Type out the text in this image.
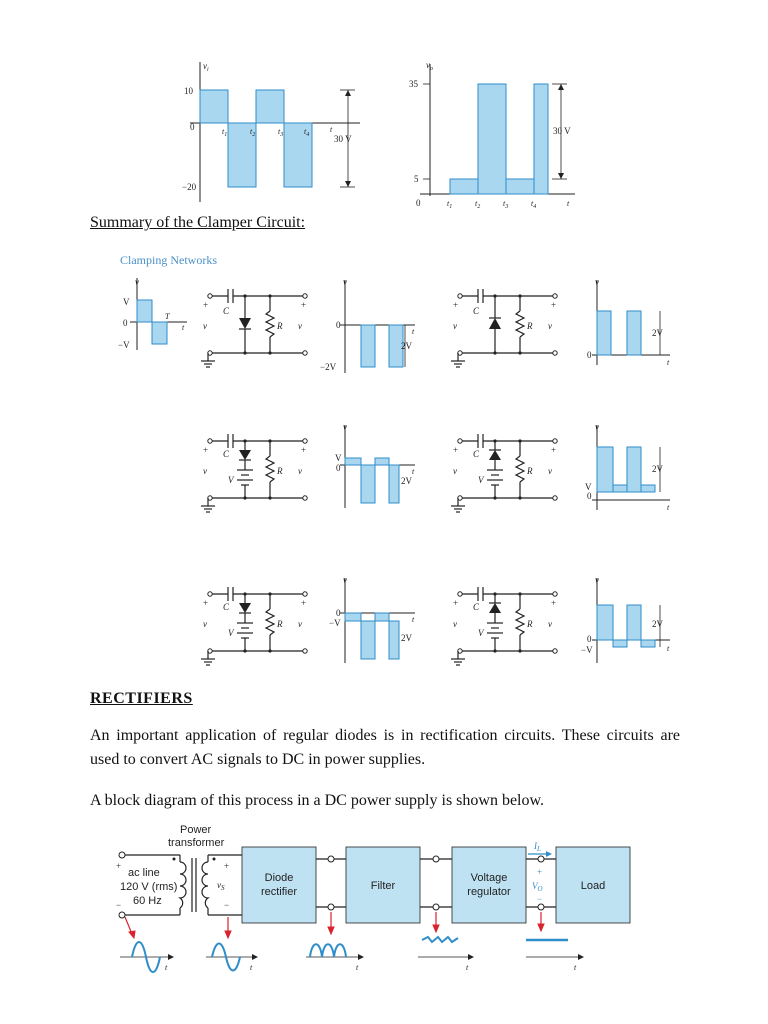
$v_i$
10
0
−20
$t_1$	$t_2$	$t_3$	$t_4$
t
30 V
$v_o$
35
5
0	$t_1$	$t_2$	$t_3$	$t_4$	t
30 V
Summary of the Clamper Circuit:
Clamping Networks
v
V
0
−V
T
t
+	+
C
R
v	v
v
0
−2V
t
2V
+	+
C
R
v	v
v
0
t
2V
+	+
C
R
v	v
V
v
V
0	t
2V
+	+
C
R
v	v
V
v
V
0
t
2V
+	+
C
R
v	v
V
v
0
−V	t
2V
+	+
C
R
v	v
V
v
0
−V	t
2V
RECTIFIERS
An important application of regular diodes is in rectification circuits. These circuits are used to convert AC signals to DC in power supplies.
A block diagram of this process in a DC power supply is shown below.
Power
transformer
+
−
ac line
120 V (rms)
60 Hz
+
−
$v_S$
Diode
rectifier	Filter
Voltage
regulator	Load
$I_L$
+
$V_O$
−
t	t	t	t	t
